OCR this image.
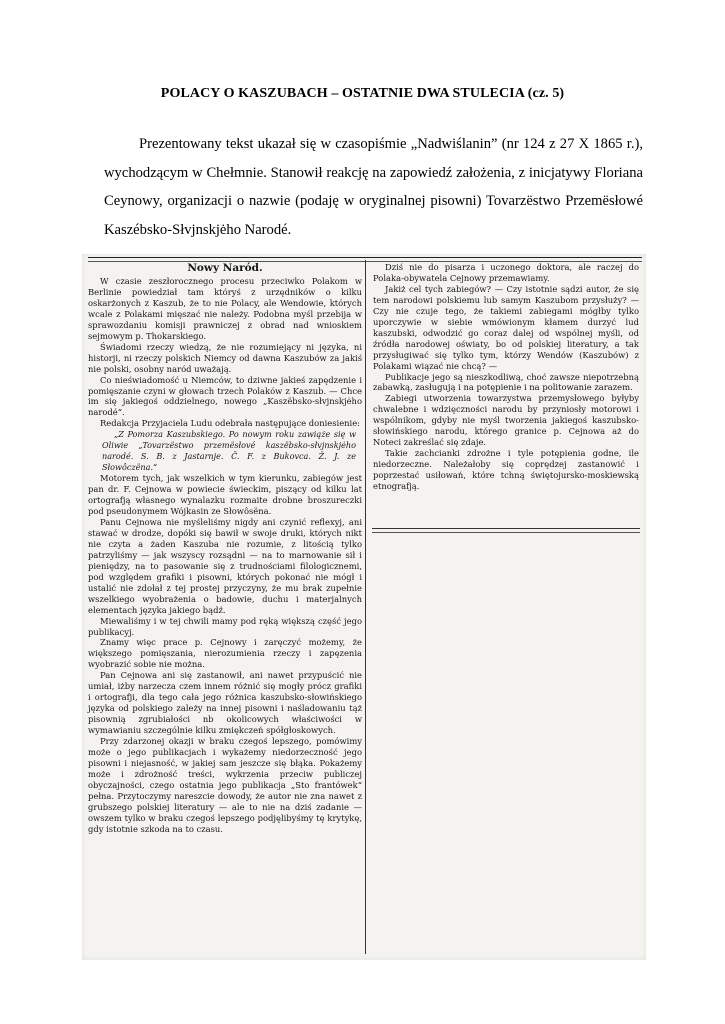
POLACY O KASZUBACH – OSTATNIE DWA STULECIA (cz. 5)

Prezentowany tekst ukazał się w czasopiśmie „Nadwiślanin” (nr 124 z 27 X 1865 r.), wychodzącym w Chełmnie. Stanowił reakcję na zapowiedź założenia, z inicjatywy Floriana Ceynowy, organizacji o nazwie (podaję w oryginalnej pisowni) Tovarzëstwo Przemësłowé Kaszébsko-Słvjnskjėho Narodé.

Nowy Naród.

W czasie zeszłorocznego procesu przeciwko Polakom w Berlinie powiedział tam któryś z urzędników o kilku oskarżonych z Kaszub, że to nie Polacy, ale Wendowie, których wcale z Polakami mięszać nie należy. Podobna myśl przebija w sprawozdaniu komisji prawniczej z obrad nad wnioskiem sejmowym p. Thokarskiego.

Świadomi rzeczy wiedzą, że nie rozumiejący ni języka, ni historji, ni rzeczy polskich Niemcy od dawna Kaszubów za jakiś nie polski, osobny naród uważają.

Co nieświadomość u Niemców, to dziwne jakieś zapędzenie i pomięszanie czyni w głowach trzech Polaków z Kaszub. — Chce im się jakiegoś oddzielnego, nowego „Kaszëbsko-słvjnskjėho narodé“.

Redakcja Przyjaciela Ludu odebrała następujące doniesienie:

„Z Pomorza Kaszubskiego. Po nowym roku zawiąże się w Oliwie „Tovarzëstwo przemësłové kaszëbsko-słvjnskjėho narodé. S. B. z Jastarnje. Č. F. z Bukovca. Ž. J. ze Słowôczëna.“

Motorem tych, jak wszelkich w tym kierunku, zabiegów jest pan dr. F. Cejnowa w powiecie świeckim, piszący od kilku lat ortografją własnego wynalazku rozmaite drobne broszureczki pod pseudonymem Wójkasin ze Słowôsëna.

Panu Cejnowa nie myśleliśmy nigdy ani czynić reflexyj, ani stawać w drodze, dopóki się bawił w swoje druki, których nikt nie czyta a żaden Kaszuba nie rozumie, z litością tylko patrzyliśmy — jak wszyscy rozsądni — na to marnowanie sił i pieniędzy, na to pasowanie się z trudnościami filologicznemi, pod względem grafiki i pisowni, których pokonać nie mógł i ustalić nie zdołał z tej prostej przyczyny, że mu brak zupełnie wszelkiego wyobrażenia o badowie, duchu i materjalnych elementach języka jakiego bądź.

Miewaliśmy i w tej chwili mamy pod ręką większą część jego publikacyj.

Znamy więc prace p. Cejnowy i zaręczyć możemy, że większego pomięszania, nierozumienia rzeczy i zapęzenia wyobrazić sobie nie można.

Pan Cejnowa ani się zastanowił, ani nawet przypuścić nie umiał, iżby narzecza czem innem różnić się mogły prócz grafiki i ortografji, dla tego cała jego różnica kaszubsko-słowińskiego języka od polskiego zależy na innej pisowni i naśladowaniu tąż pisownią zgrubiałości nb okolicowych właściwości w wymawianiu szczególnie kilku zmiękczeń spółgłoskowych.

Przy zdarzonej okazji w braku czegoś lepszego, pomówimy może o jego publikacjach i wykażemy niedorzeczność jego pisowni i niejasność, w jakiej sam jeszcze się błąka. Pokażemy może i zdrożność treści, wykrzenia przeciw publiczej obyczajności, czego ostatnia jego publikacja „Sto frantówek“ pełna. Przytoczymy nareszcie dowody, że autor nie zna nawet z grubszego polskiej literatury — ale to nie na dziś zadanie — owszem tylko w braku czegoś lepszego podjęlibyśmy tę krytykę, gdy istotnie szkoda na to czasu.

Dziś nie do pisarza i uczonego doktora, ale raczej do Polaka-obywatela Cejnowy przemawiamy.

Jakiż cel tych zabiegów? — Czy istotnie sądzi autor, że się tem narodowi polskiemu lub samym Kaszubom przysłuży? — Czy nie czuje tego, że takiemi zabiegami mógłby tylko uporczywie w siebie wmówionym kłamem durzyć lud kaszubski, odwodzić go coraz dalej od wspólnej myśli, od źródła narodowej oświaty, bo od polskiej literatury, a tak przysługiwać się tylko tym, którzy Wendów (Kaszubów) z Polakami wiązać nie chcą? —

Publikacje jego są nieszkodliwą, choć zawsze niepotrzebną zabawką, zasługują i na potępienie i na politowanie zarazem.

Zabiegi utworzenia towarzystwa przemysłowego byłyby chwalebne i wdzięczności narodu by przyniosły motorowi i wspólnikom, gdyby nie myśl tworzenia jakiegoś kaszubsko-słowińskiego narodu, którego granice p. Cejnowa aż do Noteci zakreślać się zdaje.

Takie zachcianki zdrożne i tyle potępienia godne, ile niedorzeczne. Należałoby się coprędzej zastanowić i poprzestać usiłowań, które tchną świętojursko-moskiewską etnografją.
